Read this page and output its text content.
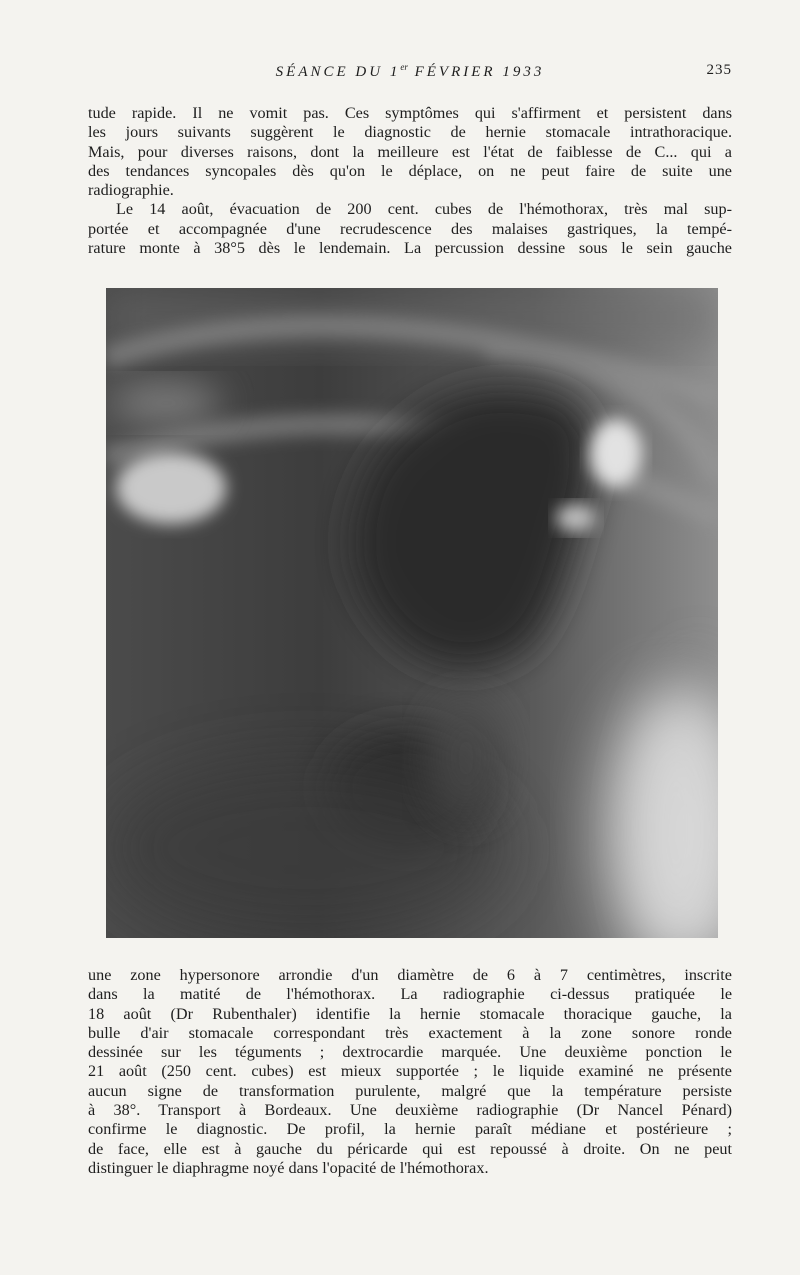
SÉANCE DU 1er FÉVRIER 1933	235
tude rapide. Il ne vomit pas. Ces symptômes qui s'affirment et persistent dans
les jours suivants suggèrent le diagnostic de hernie stomacale intrathoracique.
Mais, pour diverses raisons, dont la meilleure est l'état de faiblesse de C... qui a
des tendances syncopales dès qu'on le déplace, on ne peut faire de suite une
radiographie.
Le 14 août, évacuation de 200 cent. cubes de l'hémothorax, très mal sup-
portée et accompagnée d'une recrudescence des malaises gastriques, la tempé-
rature monte à 38°5 dès le lendemain. La percussion dessine sous le sein gauche
une zone hypersonore arrondie d'un diamètre de 6 à 7 centimètres, inscrite
dans la matité de l'hémothorax. La radiographie ci-dessus pratiquée le
18 août (Dr Rubenthaler) identifie la hernie stomacale thoracique gauche, la
bulle d'air stomacale correspondant très exactement à la zone sonore ronde
dessinée sur les téguments ; dextrocardie marquée. Une deuxième ponction le
21 août (250 cent. cubes) est mieux supportée ; le liquide examiné ne présente
aucun signe de transformation purulente, malgré que la température persiste
à 38°. Transport à Bordeaux. Une deuxième radiographie (Dr Nancel Pénard)
confirme le diagnostic. De profil, la hernie paraît médiane et postérieure ;
de face, elle est à gauche du péricarde qui est repoussé à droite. On ne peut
distinguer le diaphragme noyé dans l'opacité de l'hémothorax.
